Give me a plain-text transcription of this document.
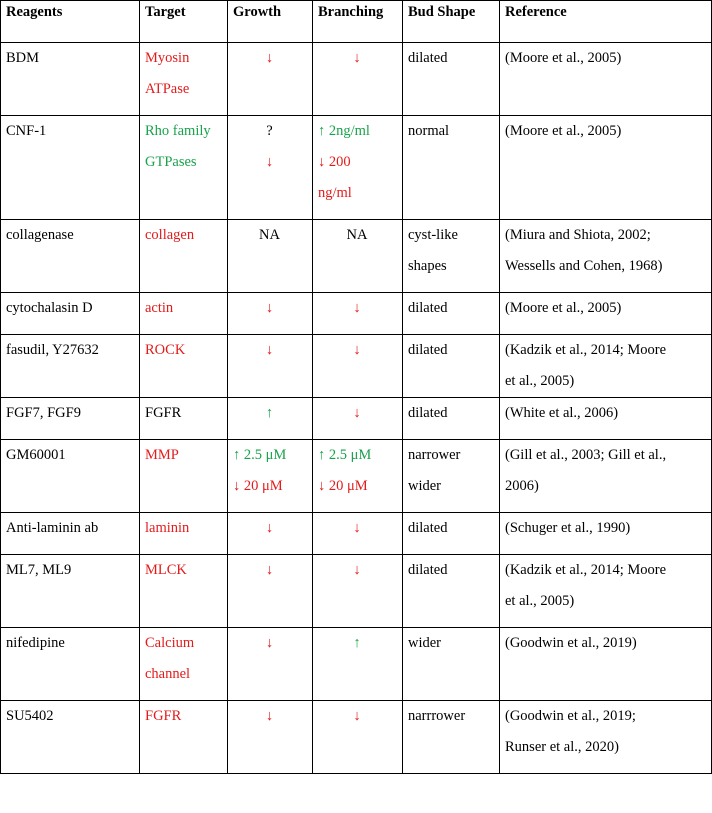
Reagents	Target	Growth	Branching	Bud Shape	Reference
BDM	Myosin
ATPase	↓	↓	dilated	(Moore et al., 2005)

CNF-1	Rho family
GTPases	?
↓	↑ 2ng/ml
↓ 200
ng/ml	normal	(Moore et al., 2005)

collagenase	collagen	NA	NA	cyst-like
shapes	(Miura and Shiota, 2002;
Wessells and Cohen, 1968)

cytochalasin D	actin	↓	↓	dilated	(Moore et al., 2005)

fasudil, Y27632	ROCK	↓	↓	dilated	(Kadzik et al., 2014; Moore
et al., 2005)

FGF7, FGF9	FGFR	↑	↓	dilated	(White et al., 2006)

GM60001	MMP	↑ 2.5 μM
↓ 20 μM	↑ 2.5 μM
↓ 20 μM	narrower
wider	(Gill et al., 2003; Gill et al.,
2006)

Anti-laminin ab	laminin	↓	↓	dilated	(Schuger et al., 1990)

ML7, ML9	MLCK	↓	↓	dilated	(Kadzik et al., 2014; Moore
et al., 2005)

nifedipine	Calcium
channel	↓	↑	wider	(Goodwin et al., 2019)

SU5402	FGFR	↓	↓	narrrower	(Goodwin et al., 2019;
Runser et al., 2020)
